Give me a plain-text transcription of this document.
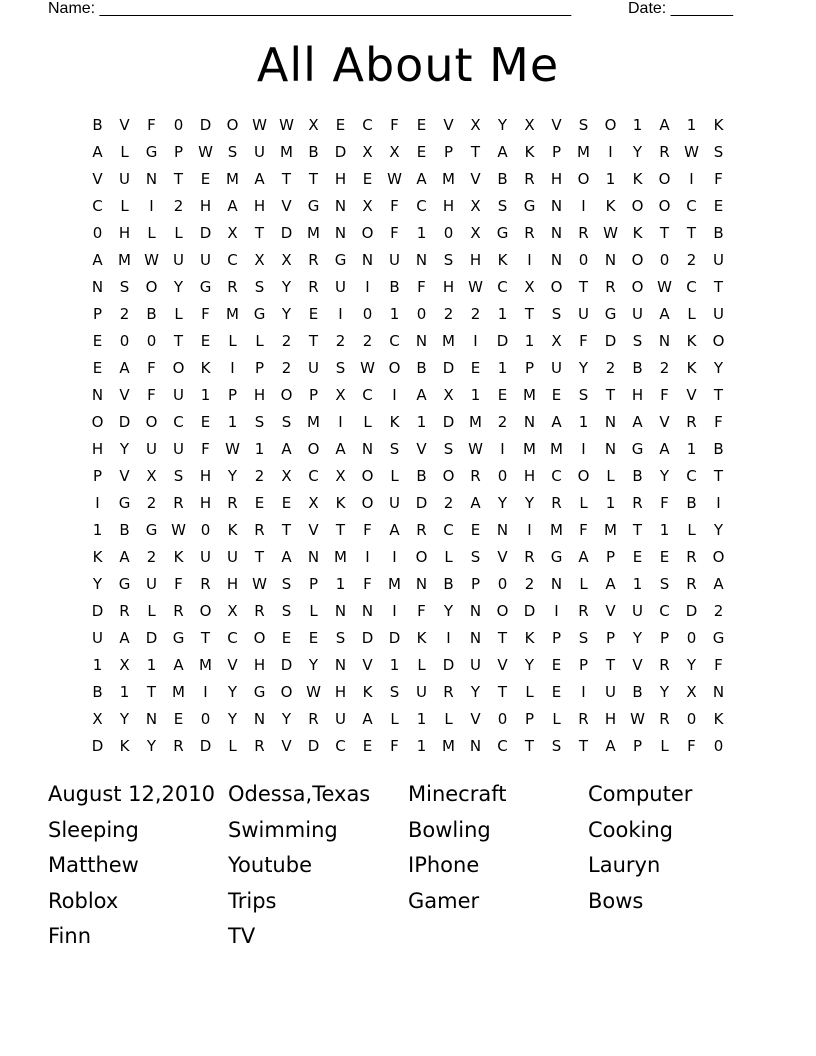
Name: _____________________________________________________	Date: _______
All About Me
B	V	F	0	D	O W W X	E	C	F	E	V	X	Y	X	V	S	O	1	A	1	K
A	L	G	P	W S	U	M	B	D	X	X	E	P	T	A	K	P	M	I	Y	R W S
V	U	N	T	E	M	A	T	T	H	E W A	M	V	B	R	H	O	1	K	O	I	F
C	L	I	2	H	A	H	V	G	N	X	F	C	H	X	S	G	N	I	K	O	O	C	E
0	H	L	L	D	X	T	D M N	O	F	1	0	X	G	R	N	R W K	T	T	B
A	M W U	U	C	X	X	R	G	N	U	N	S	H	K	I	N	0	N	O	0	2	U
N	S	O	Y	G	R	S	Y	R	U	I	B	F	H W C	X	O	T	R	O W C	T
P	2	B	L	F	M G	Y	E	I	0	1	0	2	2	1	T	S	U	G	U	A	L	U
E	0	0	T	E	L	L	2	T	2	2	C	N M	I	D	1	X	F	D	S	N	K	O
E	A	F	O	K	I	P	2	U	S W O	B	D	E	1	P	U	Y	2	B	2	K	Y
N	V	F	U	1	P	H	O	P	X	C	I	A	X	1	E	M	E	S	T	H	F	V	T
O	D	O	C	E	1	S	S	M	I	L	K	1	D M	2	N	A	1	N	A	V	R	F
H	Y	U	U	F	W 1	A	O	A	N	S	V	S W	I	M M	I	N	G	A	1	B
P	V	X	S	H	Y	2	X	C	X	O	L	B	O	R	0	H	C	O	L	B	Y	C	T
I	G	2	R	H	R	E	E	X	K	O	U	D	2	A	Y	Y	R	L	1	R	F	B	I
1	B	G W 0	K	R	T	V	T	F	A	R	C	E	N	I	M	F	M	T	1	L	Y
K	A	2	K	U	U	T	A	N M	I	I	O	L	S	V	R	G	A	P	E	E	R	O
Y	G	U	F	R	H W S	P	1	F	M N	B	P	0	2	N	L	A	1	S	R	A
D	R	L	R	O	X	R	S	L	N	N	I	F	Y	N	O	D	I	R	V	U	C	D	2
U	A	D	G	T	C	O	E	E	S	D	D	K	I	N	T	K	P	S	P	Y	P	0	G
1	X	1	A	M	V	H	D	Y	N	V	1	L	D	U	V	Y	E	P	T	V	R	Y	F
B	1	T	M	I	Y	G	O W H	K	S	U	R	Y	T	L	E	I	U	B	Y	X	N
X	Y	N	E	0	Y	N	Y	R	U	A	L	1	L	V	0	P	L	R	H W R	0	K
D	K	Y	R	D	L	R	V	D	C	E	F	1	M N	C	T	S	T	A	P	L	F	0
August 12,2010 Odessa,Texas	Minecraft	Computer
Sleeping	Swimming	Bowling	Cooking
Matthew	Youtube	IPhone	Lauryn
Roblox	Trips	Gamer	Bows
Finn	TV
